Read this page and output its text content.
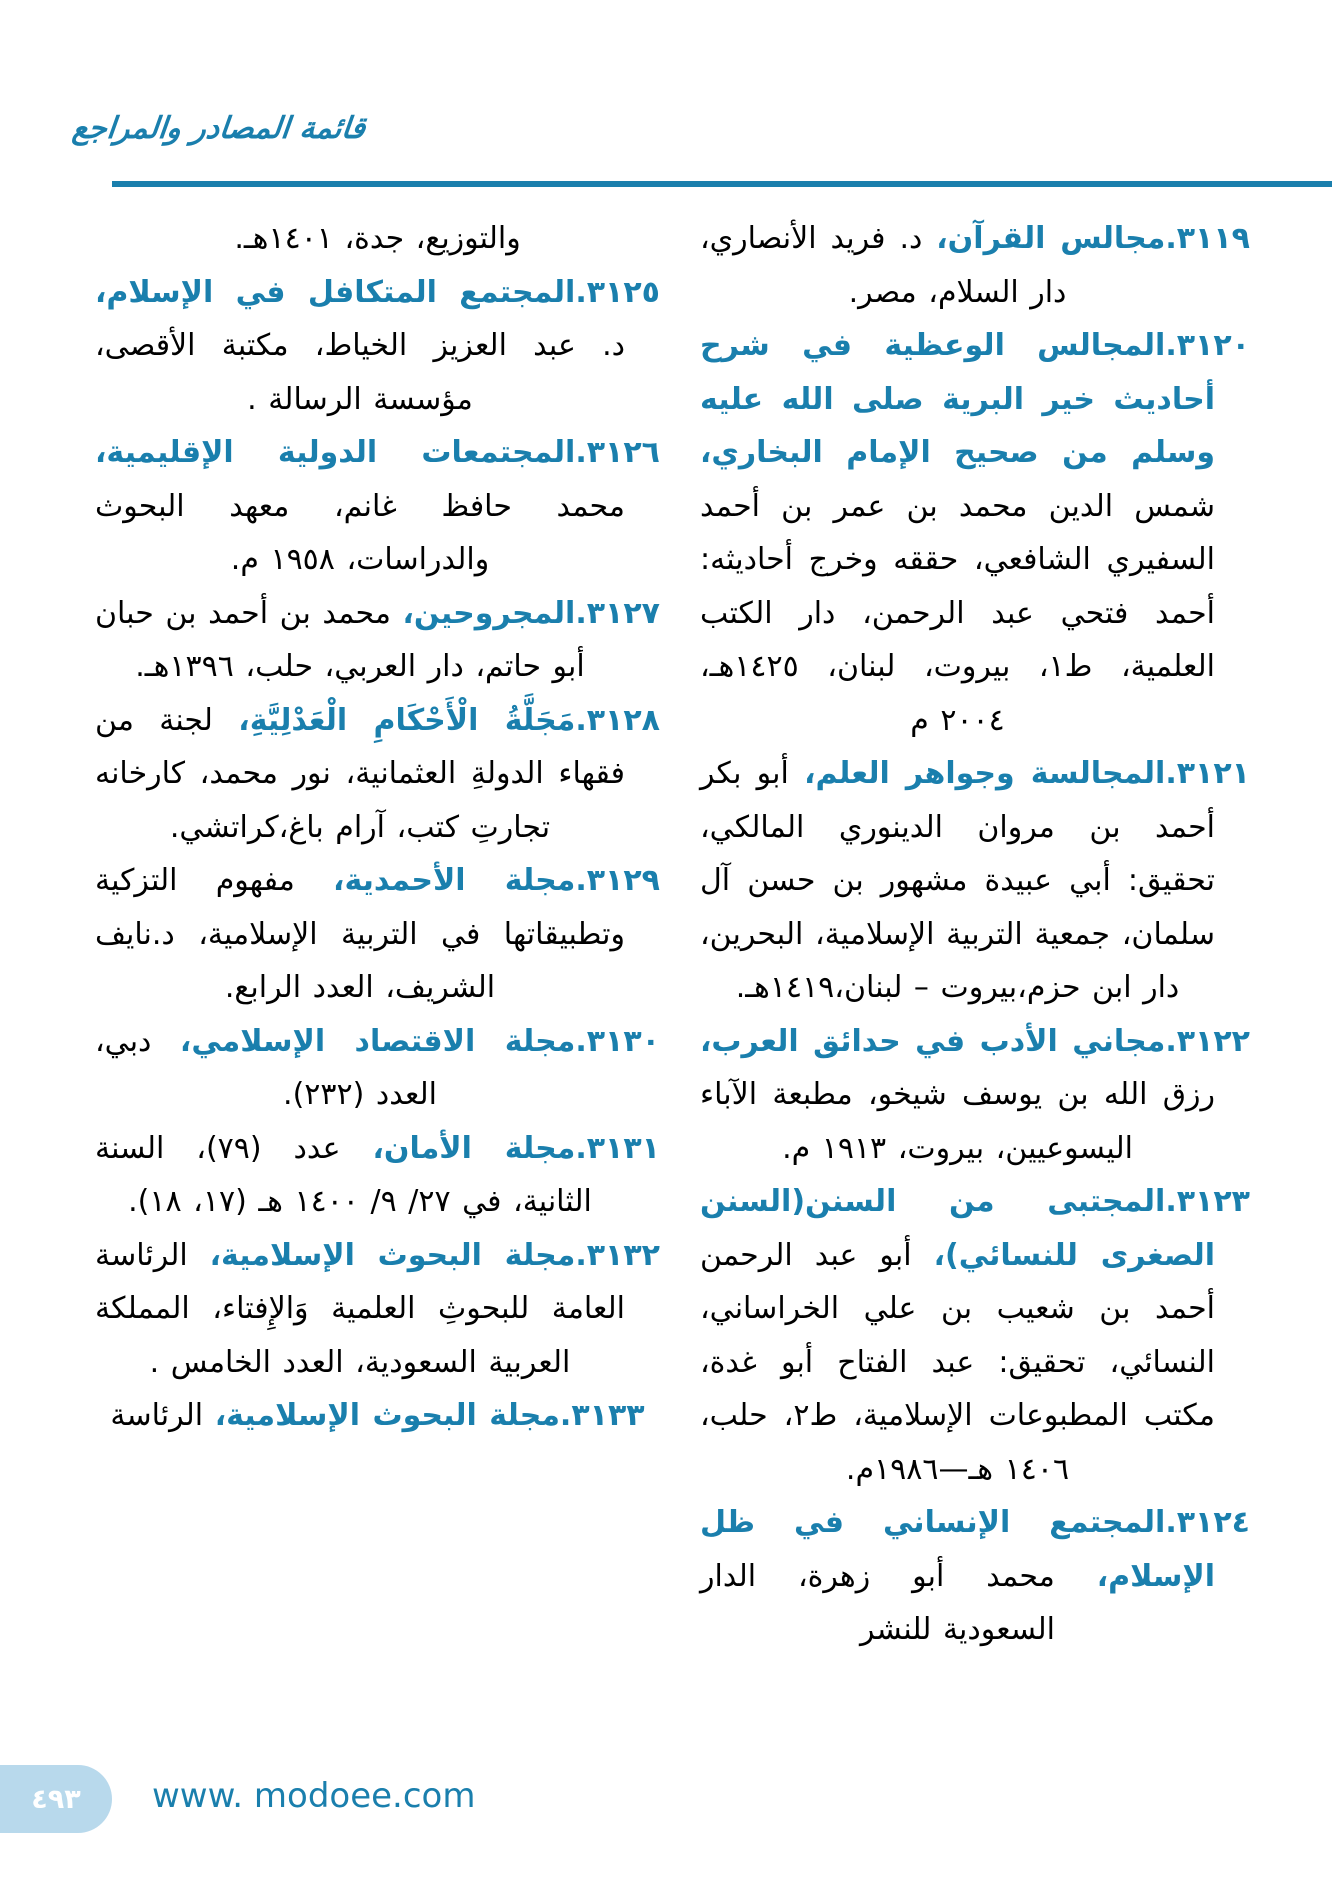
قائمة المصادر والمراجع

٣١١٩.مجالس القرآن، د. فريد الأنصاري، دار السلام، مصر.

٣١٢٠.المجالس الوعظية في شرح أحاديث خير البرية صلى الله عليه وسلم من صحيح الإمام البخاري، شمس الدين محمد بن عمر بن أحمد السفيري الشافعي، حققه وخرج أحاديثه: أحمد فتحي عبد الرحمن، دار الكتب العلمية، ط١، بيروت، لبنان، ١٤٢٥هـ، ٢٠٠٤ م

٣١٢١.المجالسة وجواهر العلم، أبو بكر أحمد بن مروان الدينوري المالكي، تحقيق: أبي عبيدة مشهور بن حسن آل سلمان، جمعية التربية الإسلامية، البحرين، دار ابن حزم،بيروت – لبنان،١٤١٩هـ.

٣١٢٢.مجاني الأدب في حدائق العرب، رزق الله بن يوسف شيخو، مطبعة الآباء اليسوعيين، بيروت، ١٩١٣ م.

٣١٢٣.المجتبى من السنن(السنن الصغرى للنسائي)، أبو عبد الرحمن أحمد بن شعيب بن علي الخراساني، النسائي، تحقيق: عبد الفتاح أبو غدة، مكتب المطبوعات الإسلامية، ط٢، حلب، ١٤٠٦ هـ—١٩٨٦م.

٣١٢٤.المجتمع الإنساني في ظل الإسلام، محمد أبو زهرة، الدار السعودية للنشر

والتوزيع، جدة، ١٤٠١هـ.

٣١٢٥.المجتمع المتكافل في الإسلام، د. عبد العزيز الخياط، مكتبة الأقصى، مؤسسة الرسالة .

٣١٢٦.المجتمعات الدولية الإقليمية، محمد حافظ غانم، معهد البحوث والدراسات، ١٩٥٨ م.

٣١٢٧.المجروحين، محمد بن أحمد بن حبان أبو حاتم، دار العربي، حلب، ١٣٩٦هـ.

٣١٢٨.مَجَلَّةُ الْأَحْكَامِ الْعَدْلِيَّةِ، لجنة من فقهاء الدولةِ العثمانية، نور محمد، كارخانه تجارتِ كتب، آرام باغ،كراتشي.

٣١٢٩.مجلة الأحمدية، مفهوم التزكية وتطبيقاتها في التربية الإسلامية، د.نايف الشريف، العدد الرابع.

٣١٣٠.مجلة الاقتصاد الإسلامي، دبي، العدد (٢٣٢).

٣١٣١.مجلة الأمان، عدد (٧٩)، السنة الثانية، في ٢٧/ ٩/ ١٤٠٠ هـ (١٧، ١٨).

٣١٣٢.مجلة البحوث الإسلامية، الرئاسة العامة للبحوثِ العلمية وَالإِفتاء، المملكة العربية السعودية، العدد الخامس .

٣١٣٣.مجلة البحوث الإسلامية، الرئاسة

٤٩٣ www. modoee.com
